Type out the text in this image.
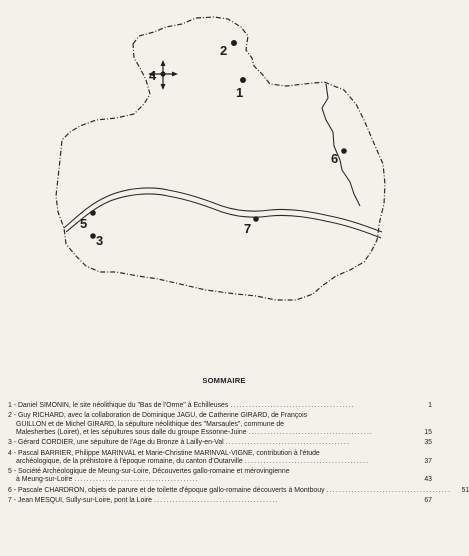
1
2
3
4
5
6
7
SOMMAIRE
1 - Daniel SIMONIN, le site néolithique du "Bas de l'Orme" à Echilleuses ........................................	1
2 - Guy RICHARD, avec la collaboration de Dominique JAGU, de Catherine GIRARD, de François
GUILLON et de Michel GIRARD, la sépulture néolithique des "Marsaules", commune de
Malesherbes (Loiret), et les sépultures sous dalle du groupe Essonne-Juine ........................................	15
3 - Gérard CORDIER, une sépulture de l'Age du Bronze à Lailly-en-Val ........................................	35
4 - Pascal BARRIER, Philippe MARINVAL et Marie-Christine MARINVAL-VIGNE, contribution à l'étude
archéologique, de la préhistoire à l'époque romaine, du canton d'Outarville ........................................	37
5 - Société Archéologique de Meung-sur-Loire, Découvertes gallo-romaine et mérovingienne
à Meung-sur-Loire ........................................	43
6 - Pascale CHARDRON, objets de parure et de toilette d'époque gallo-romaine découverts à Montbouy ........................................	51
7 - Jean MESQUI, Sully-sur-Loire, pont la Loire ........................................	67
